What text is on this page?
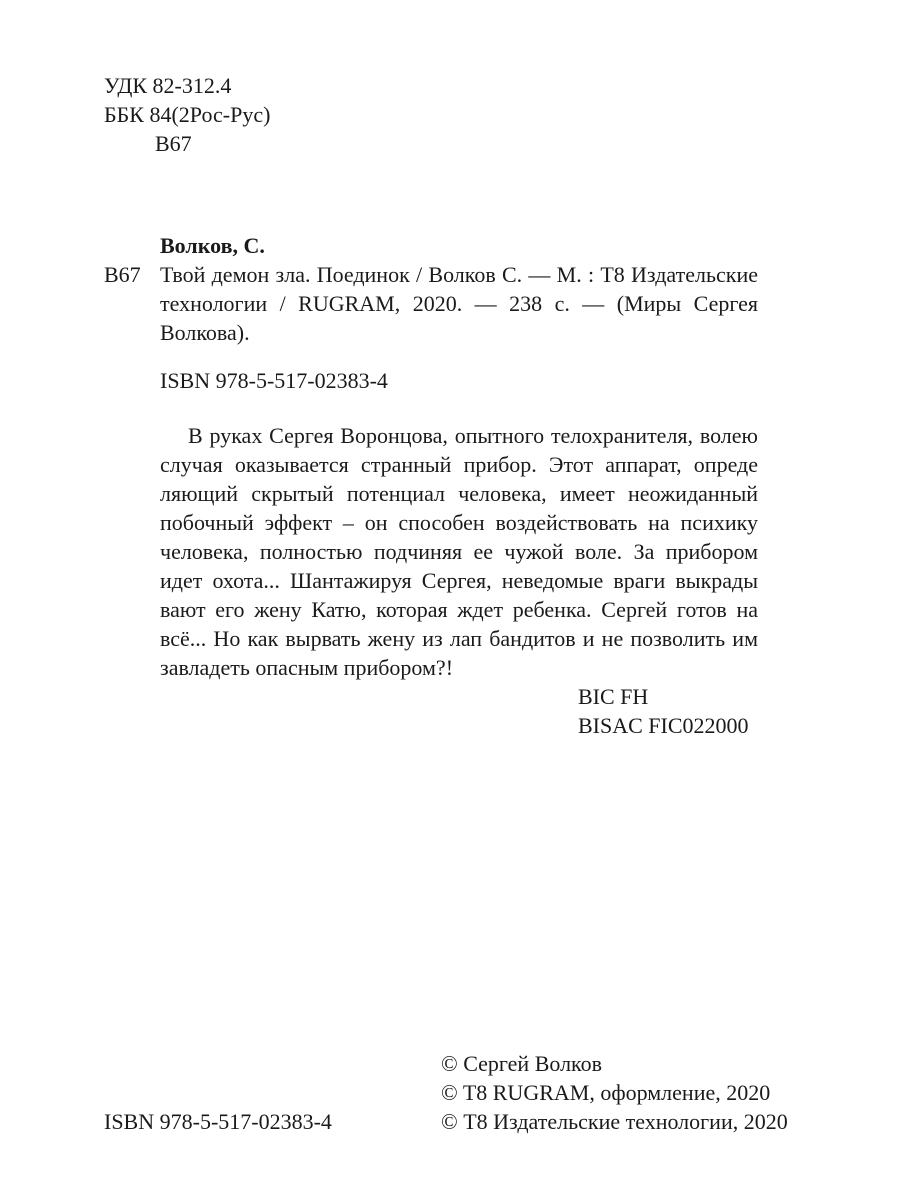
УДК 82-312.4
ББК 84(2Рос-Рус)
В67
Волков, С.
В67 Твой демон зла. Поединок / Волков С. — М. : Т8 Издательские технологии / RUGRAM, 2020. — 238 с. — (Миры Сергея Волкова).
ISBN 978-5-517-02383-4
В руках Сергея Воронцова, опытного телохранителя, волею случая оказывается странный прибор. Этот аппарат, опреде ляющий скрытый потенциал человека, имеет неожиданный побочный эффект – он способен воздействовать на психику человека, полностью подчиняя ее чужой воле. За прибором идет охота... Шантажируя Сергея, неведомые враги выкрады вают его жену Катю, которая ждет ребенка. Сергей готов на всё... Но как вырвать жену из лап бандитов и не позволить им завладеть опасным прибором?!
BIC FH
BISAC FIC022000
© Сергей Волков
© T8 RUGRAM, оформление, 2020
© Т8 Издательские технологии, 2020
ISBN 978-5-517-02383-4
